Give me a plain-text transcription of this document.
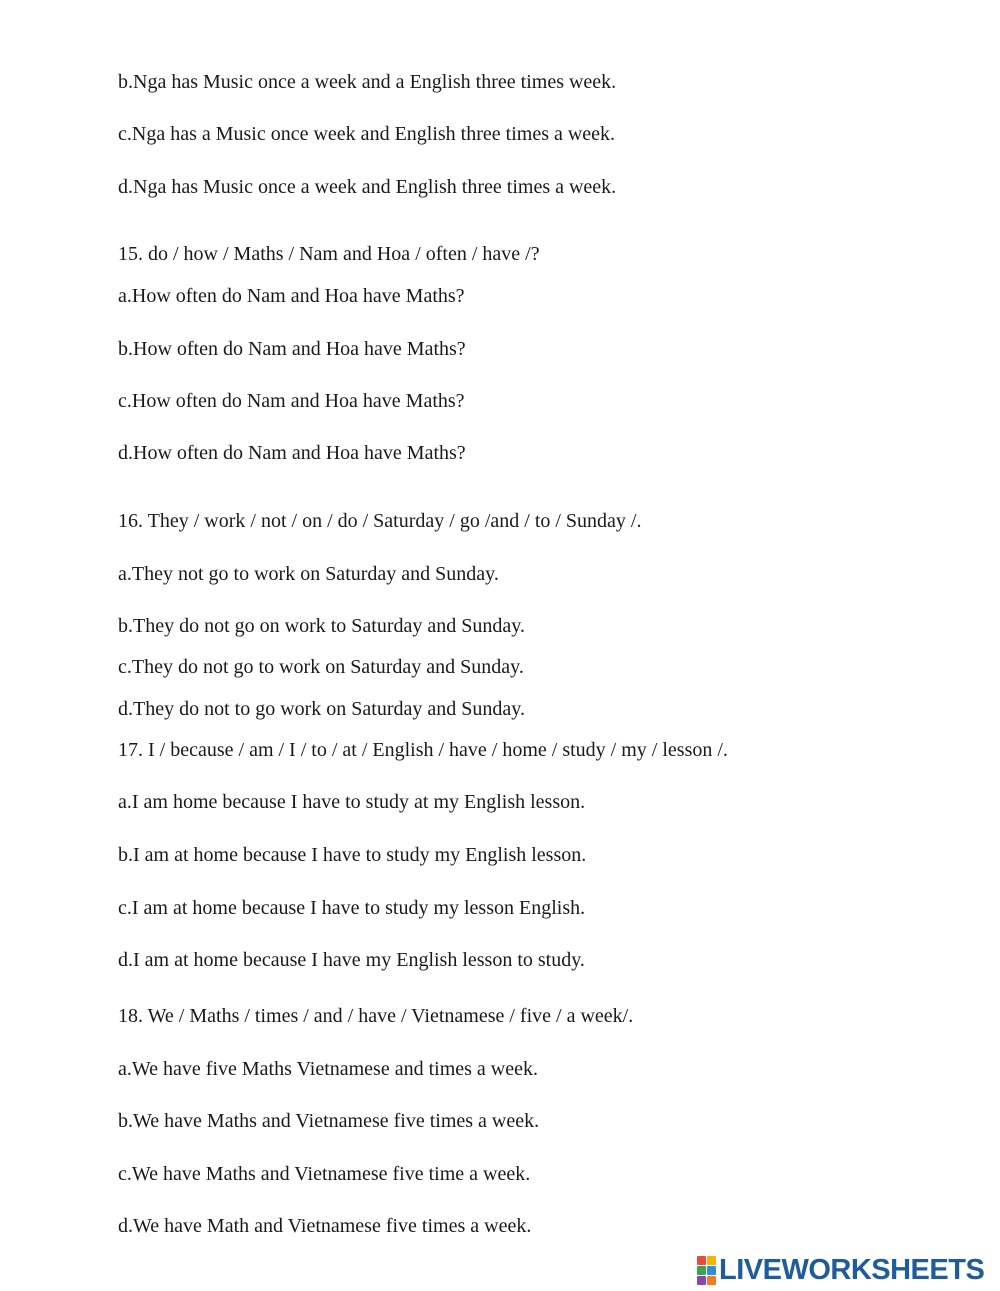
b.Nga has Music once a week and a English three times week.
c.Nga has a Music once week and English three times a week.
d.Nga has Music once a week and English three times a week.
15. do / how / Maths / Nam and Hoa / often / have /?
a.How often do Nam and Hoa have Maths?
b.How often do Nam and Hoa have Maths?
c.How often do Nam and Hoa have Maths?
d.How often do Nam and Hoa have Maths?
16. They / work / not / on / do / Saturday / go /and / to / Sunday /.
a.They not go to work on Saturday and Sunday.
b.They do not go on work to Saturday and Sunday.
c.They do not go to work on Saturday and Sunday.
d.They do not to go work on Saturday and Sunday.
17. I / because / am / I / to / at / English / have / home / study / my / lesson /.
a.I am home because I have to study at my English lesson.
b.I am at home because I have to study my English lesson.
c.I am at home because I have to study my lesson English.
d.I am at home because I have my English lesson to study.
18. We / Maths / times / and / have / Vietnamese / five / a week/.
a.We have five Maths Vietnamese and times a week.
b.We have Maths and Vietnamese five times a week.
c.We have Maths and Vietnamese five time a week.
d.We have Math and Vietnamese five times a week.
LIVEWORKSHEETS
